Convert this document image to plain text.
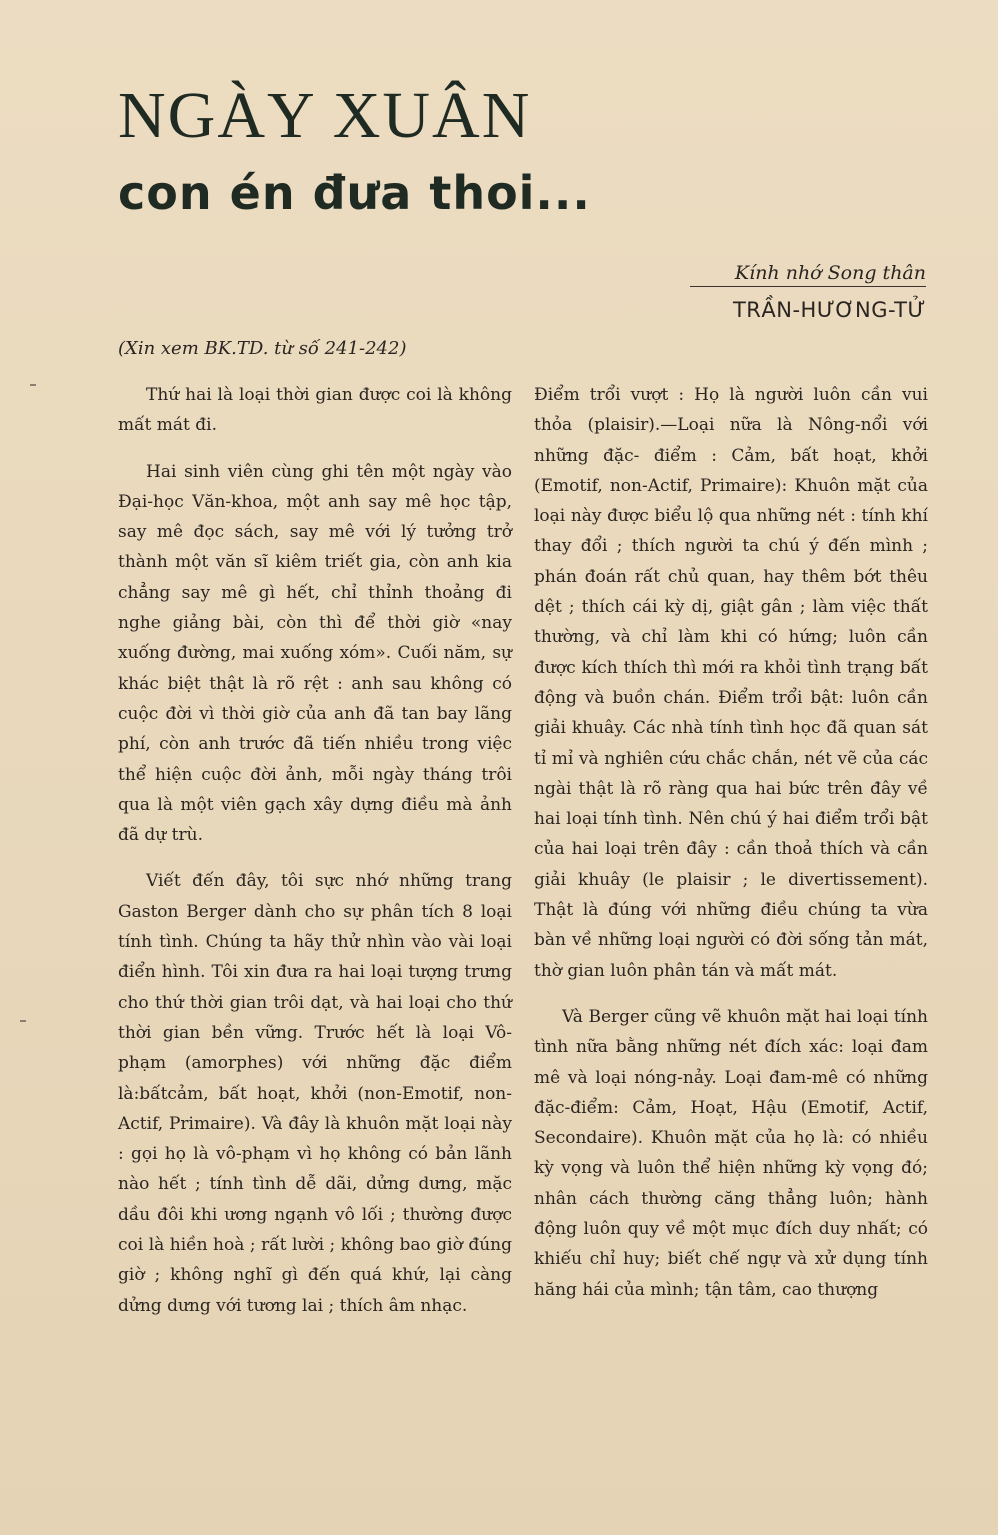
NGÀY XUÂN
con én đưa thoi...
Kính nhớ Song thân
TRẦN-HƯƠNG-TỬ
(Xin xem BK.TD. từ số 241-242)

Thứ hai là loại thời gian được coi là không mất mát đi.

Hai sinh viên cùng ghi tên một ngày vào Đại-học Văn-khoa, một anh say mê học tập, say mê đọc sách, say mê với lý tưởng trở thành một văn sĩ kiêm triết gia, còn anh kia chẳng say mê gì hết, chỉ thỉnh thoảng đi nghe giảng bài, còn thì để thời giờ «nay xuống đường, mai xuống xóm». Cuối năm, sự khác biệt thật là rõ rệt : anh sau không có cuộc đời vì thời giờ của anh đã tan bay lãng phí, còn anh trước đã tiến nhiều trong việc thể hiện cuộc đời ảnh, mỗi ngày tháng trôi qua là một viên gạch xây dựng điều mà ảnh đã dự trù.

Viết đến đây, tôi sực nhớ những trang Gaston Berger dành cho sự phân tích 8 loại tính tình. Chúng ta hãy thử nhìn vào vài loại điển hình. Tôi xin đưa ra hai loại tượng trưng cho thứ thời gian trôi dạt, và hai loại cho thứ thời gian bền vững. Trước hết là loại Vô-phạm (amorphes) với những đặc điểm là:bấtcảm, bất hoạt, khởi (non-Emotif, non-Actif, Primaire). Và đây là khuôn mặt loại này : gọi họ là vô-phạm vì họ không có bản lãnh nào hết ; tính tình dễ dãi, dửng dưng, mặc dầu đôi khi ương ngạnh vô lối ; thường được coi là hiền hoà ; rất lười ; không bao giờ đúng giờ ; không nghĩ gì đến quá khứ, lại càng dửng dưng với tương lai ; thích âm nhạc.

Điểm trổi vượt : Họ là người luôn cần vui thỏa (plaisir).—Loại nữa là Nông-nổi với những đặc- điểm : Cảm, bất hoạt, khởi (Emotif, non-Actif, Primaire): Khuôn mặt của loại này được biểu lộ qua những nét : tính khí thay đổi ; thích người ta chú ý đến mình ; phán đoán rất chủ quan, hay thêm bớt thêu dệt ; thích cái kỳ dị, giật gân ; làm việc thất thường, và chỉ làm khi có hứng; luôn cần được kích thích thì mới ra khỏi tình trạng bất động và buồn chán. Điểm trổi bật: luôn cần giải khuây. Các nhà tính tình học đã quan sát tỉ mỉ và nghiên cứu chắc chắn, nét vẽ của các ngài thật là rõ ràng qua hai bức trên đây về hai loại tính tình. Nên chú ý hai điểm trổi bật của hai loại trên đây : cần thoả thích và cần giải khuây (le plaisir ; le divertissement). Thật là đúng với những điều chúng ta vừa bàn về những loại người có đời sống tản mát, thờ gian luôn phân tán và mất mát.

Và Berger cũng vẽ khuôn mặt hai loại tính tình nữa bằng những nét đích xác: loại đam mê và loại nóng-nảy. Loại đam-mê có những đặc-điểm: Cảm, Hoạt, Hậu (Emotif, Actif, Secondaire). Khuôn mặt của họ là: có nhiều kỳ vọng và luôn thể hiện những kỳ vọng đó; nhân cách thường căng thẳng luôn; hành động luôn quy về một mục đích duy nhất; có khiếu chỉ huy; biết chế ngự và xử dụng tính hăng hái của mình; tận tâm, cao thượng
